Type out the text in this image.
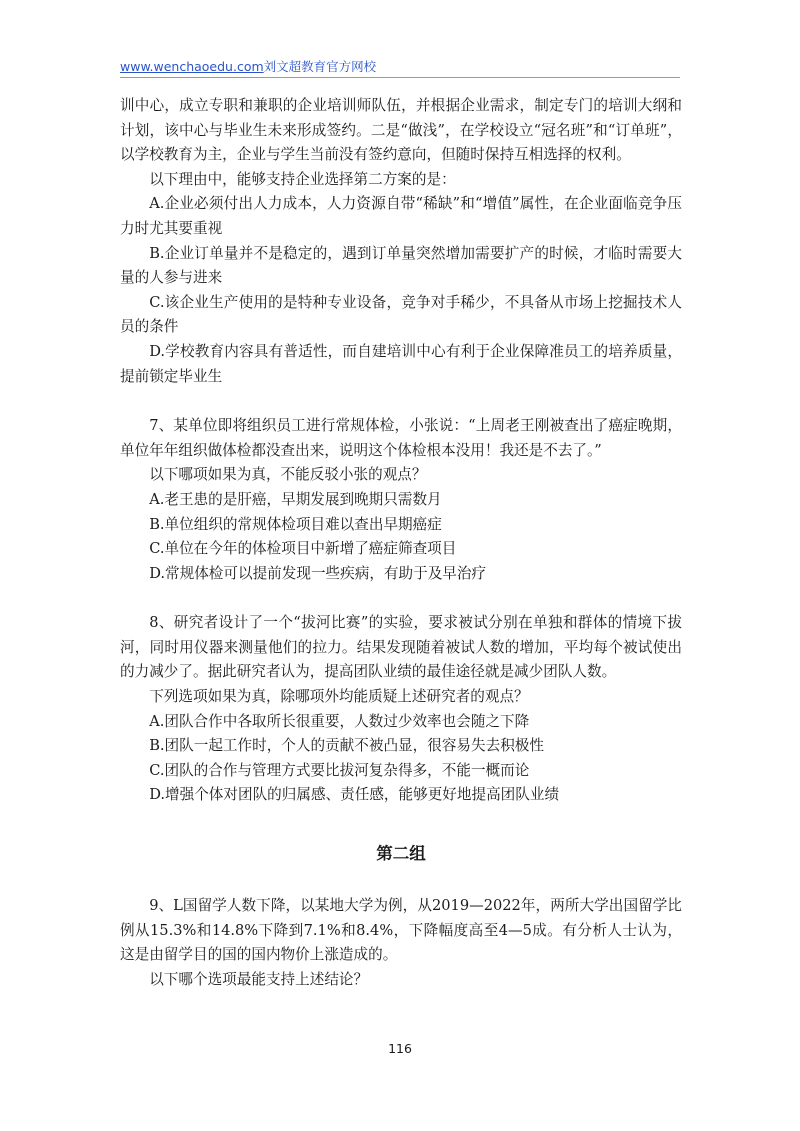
www.wenchaoedu.com刘文超教育官方网校

训中心，成立专职和兼职的企业培训师队伍，并根据企业需求，制定专门的培训大纲和计划，该中心与毕业生未来形成签约。二是“做浅”，在学校设立“冠名班”和“订单班”，以学校教育为主，企业与学生当前没有签约意向，但随时保持互相选择的权利。

以下理由中，能够支持企业选择第二方案的是：

A.企业必须付出人力成本，人力资源自带“稀缺”和“增值”属性，在企业面临竞争压力时尤其要重视

B.企业订单量并不是稳定的，遇到订单量突然增加需要扩产的时候，才临时需要大量的人参与进来

C.该企业生产使用的是特种专业设备，竞争对手稀少，不具备从市场上挖掘技术人员的条件

D.学校教育内容具有普适性，而自建培训中心有利于企业保障准员工的培养质量，提前锁定毕业生

7、某单位即将组织员工进行常规体检，小张说：“上周老王刚被查出了癌症晚期，单位年年组织做体检都没查出来，说明这个体检根本没用！我还是不去了。”

以下哪项如果为真，不能反驳小张的观点？

A.老王患的是肝癌，早期发展到晚期只需数月

B.单位组织的常规体检项目难以查出早期癌症

C.单位在今年的体检项目中新增了癌症筛查项目

D.常规体检可以提前发现一些疾病，有助于及早治疗

8、研究者设计了一个“拔河比赛”的实验，要求被试分别在单独和群体的情境下拔河，同时用仪器来测量他们的拉力。结果发现随着被试人数的增加，平均每个被试使出的力减少了。据此研究者认为，提高团队业绩的最佳途径就是减少团队人数。

下列选项如果为真，除哪项外均能质疑上述研究者的观点？

A.团队合作中各取所长很重要，人数过少效率也会随之下降

B.团队一起工作时，个人的贡献不被凸显，很容易失去积极性

C.团队的合作与管理方式要比拔河复杂得多，不能一概而论

D.增强个体对团队的归属感、责任感，能够更好地提高团队业绩

第二组

9、L国留学人数下降，以某地大学为例，从2019—2022年，两所大学出国留学比例从15.3%和14.8%下降到7.1%和8.4%，下降幅度高至4—5成。有分析人士认为，这是由留学目的国的国内物价上涨造成的。

以下哪个选项最能支持上述结论？

116
